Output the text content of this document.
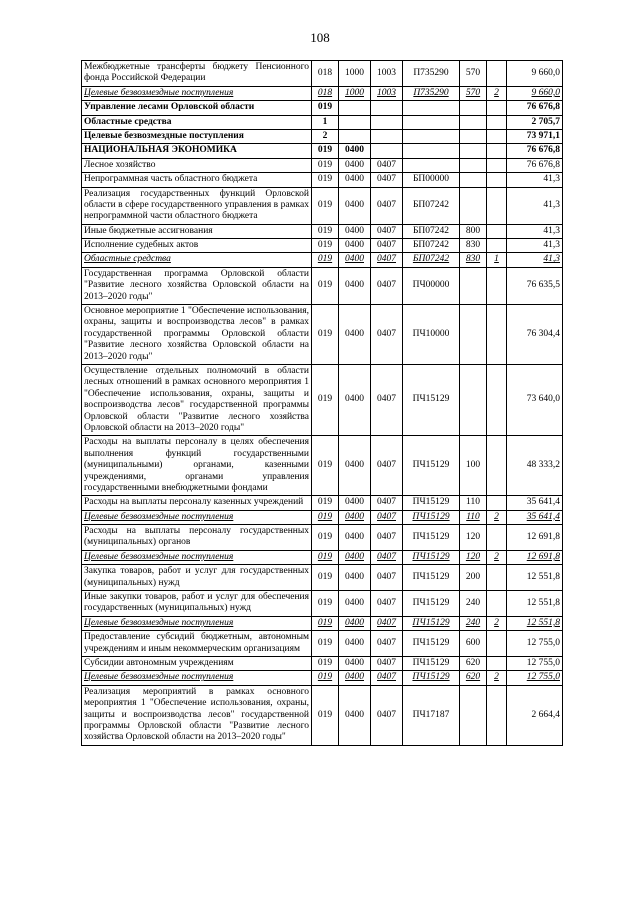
108
Межбюджетные трансферты бюджету Пенсионного фонда Российской Федерации	018	1000	1003	П735290	570		9 660,0
Целевые безвозмездные поступления	018	1000	1003	П735290	570	2	9 660,0
Управление лесами Орловской области	019						76 676,8
Областные средства	1						2 705,7
Целевые безвозмездные поступления	2						73 971,1
НАЦИОНАЛЬНАЯ ЭКОНОМИКА	019	0400					76 676,8
Лесное хозяйство	019	0400	0407				76 676,8
Непрограммная часть областного бюджета	019	0400	0407	БП00000			41,3
Реализация государственных функций Орловской области в сфере государственного управления в рамках непрограммной части областного бюджета	019	0400	0407	БП07242			41,3
Иные бюджетные ассигнования	019	0400	0407	БП07242	800		41,3
Исполнение судебных актов	019	0400	0407	БП07242	830		41,3
Областные средства	019	0400	0407	БП07242	830	1	41,3
Государственная программа Орловской области "Развитие лесного хозяйства Орловской области на 2013–2020 годы"	019	0400	0407	ПЧ00000			76 635,5
Основное мероприятие 1 "Обеспечение использования, охраны, защиты и воспроизводства лесов" в рамках государственной программы Орловской области "Развитие лесного хозяйства Орловской области на 2013–2020 годы"	019	0400	0407	ПЧ10000			76 304,4
Осуществление отдельных полномочий в области лесных отношений в рамках основного мероприятия 1 "Обеспечение использования, охраны, защиты и воспроизводства лесов" государственной программы Орловской области "Развитие лесного хозяйства Орловской области на 2013–2020 годы"	019	0400	0407	ПЧ15129			73 640,0
Расходы на выплаты персоналу в целях обеспечения выполнения функций государственными (муниципальными) органами, казенными учреждениями, органами управления государственными внебюджетными фондами	019	0400	0407	ПЧ15129	100		48 333,2
Расходы на выплаты персоналу казенных учреждений	019	0400	0407	ПЧ15129	110		35 641,4
Целевые безвозмездные поступления	019	0400	0407	ПЧ15129	110	2	35 641,4
Расходы на выплаты персоналу государственных (муниципальных) органов	019	0400	0407	ПЧ15129	120		12 691,8
Целевые безвозмездные поступления	019	0400	0407	ПЧ15129	120	2	12 691,8
Закупка товаров, работ и услуг для государственных (муниципальных) нужд	019	0400	0407	ПЧ15129	200		12 551,8
Иные закупки товаров, работ и услуг для обеспечения государственных (муниципальных) нужд	019	0400	0407	ПЧ15129	240		12 551,8
Целевые безвозмездные поступления	019	0400	0407	ПЧ15129	240	2	12 551,8
Предоставление субсидий бюджетным, автономным учреждениям и иным некоммерческим организациям	019	0400	0407	ПЧ15129	600		12 755,0
Субсидии автономным учреждениям	019	0400	0407	ПЧ15129	620		12 755,0
Целевые безвозмездные поступления	019	0400	0407	ПЧ15129	620	2	12 755,0
Реализация мероприятий в рамках основного мероприятия 1 "Обеспечение использования, охраны, защиты и воспроизводства лесов" государственной программы Орловской области "Развитие лесного хозяйства Орловской области на 2013–2020 годы"	019	0400	0407	ПЧ17187			2 664,4
